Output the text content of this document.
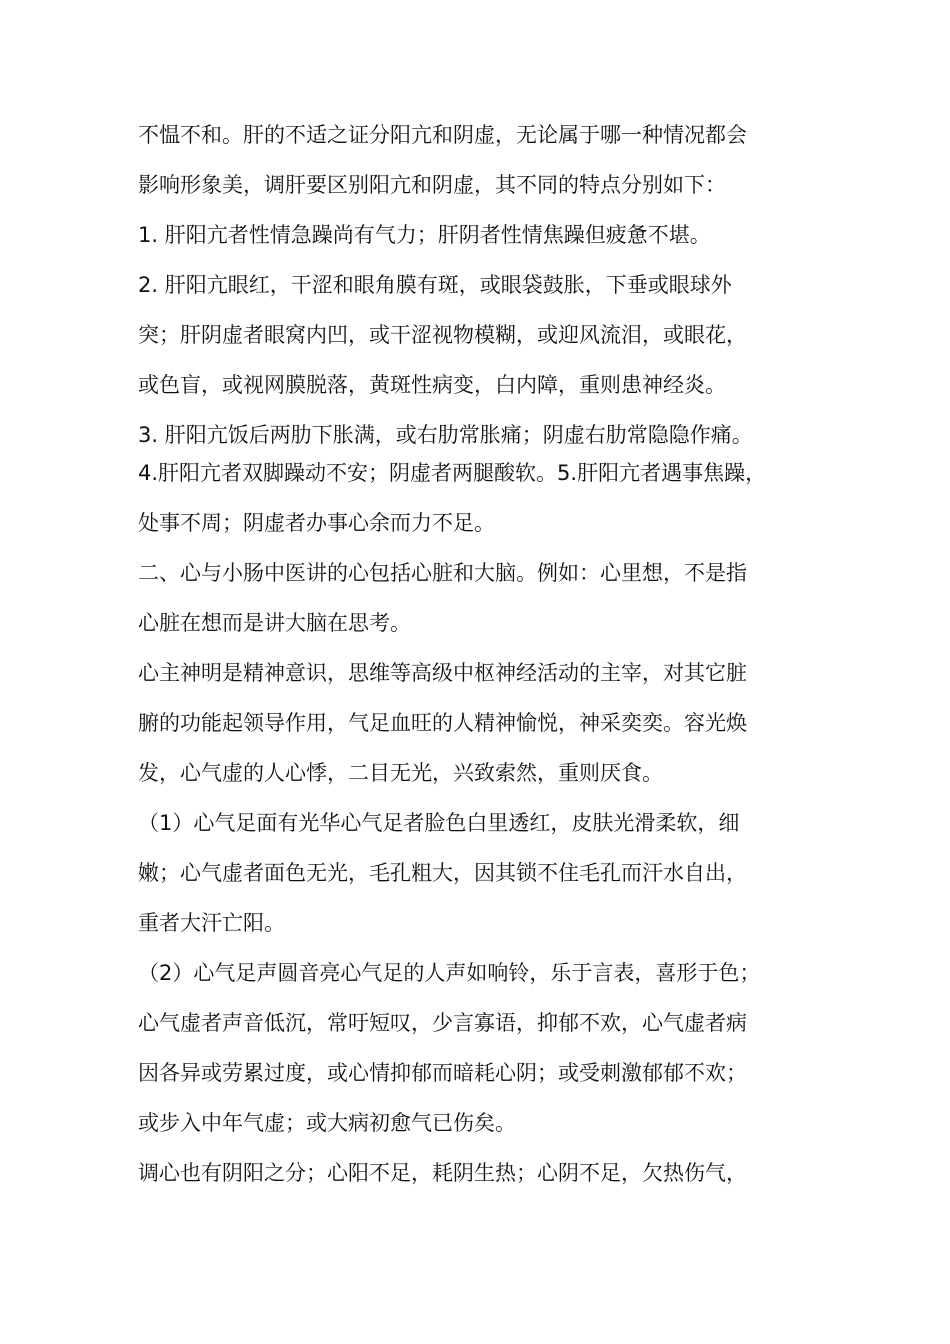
不愠不和。肝的不适之证分阳亢和阴虚，无论属于哪一种情况都会
影响形象美，调肝要区别阳亢和阴虚，其不同的特点分别如下：
1. 肝阳亢者性情急躁尚有气力；肝阴者性情焦躁但疲惫不堪。
2. 肝阳亢眼红，干涩和眼角膜有斑，或眼袋鼓胀，下垂或眼球外
突；肝阴虚者眼窝内凹，或干涩视物模糊，或迎风流泪，或眼花，
或色盲，或视网膜脱落，黄斑性病变，白内障，重则患神经炎。
3. 肝阳亢饭后两肋下胀满，或右肋常胀痛；阴虚右肋常隐隐作痛。
4.肝阳亢者双脚躁动不安；阴虚者两腿酸软。5.肝阳亢者遇事焦躁，
处事不周；阴虚者办事心余而力不足。
二、心与小肠中医讲的心包括心脏和大脑。例如：心里想，不是指
心脏在想而是讲大脑在思考。
心主神明是精神意识，思维等高级中枢神经活动的主宰，对其它脏
腑的功能起领导作用，气足血旺的人精神愉悦，神采奕奕。容光焕
发，心气虚的人心悸，二目无光，兴致索然，重则厌食。
（1）心气足面有光华心气足者脸色白里透红，皮肤光滑柔软，细
嫩；心气虚者面色无光，毛孔粗大，因其锁不住毛孔而汗水自出，
重者大汗亡阳。
（2）心气足声圆音亮心气足的人声如响铃，乐于言表，喜形于色；
心气虚者声音低沉，常吁短叹，少言寡语，抑郁不欢，心气虚者病
因各异或劳累过度，或心情抑郁而暗耗心阴；或受刺激郁郁不欢；
或步入中年气虚；或大病初愈气已伤矣。
调心也有阴阳之分；心阳不足，耗阴生热；心阴不足，欠热伤气，
